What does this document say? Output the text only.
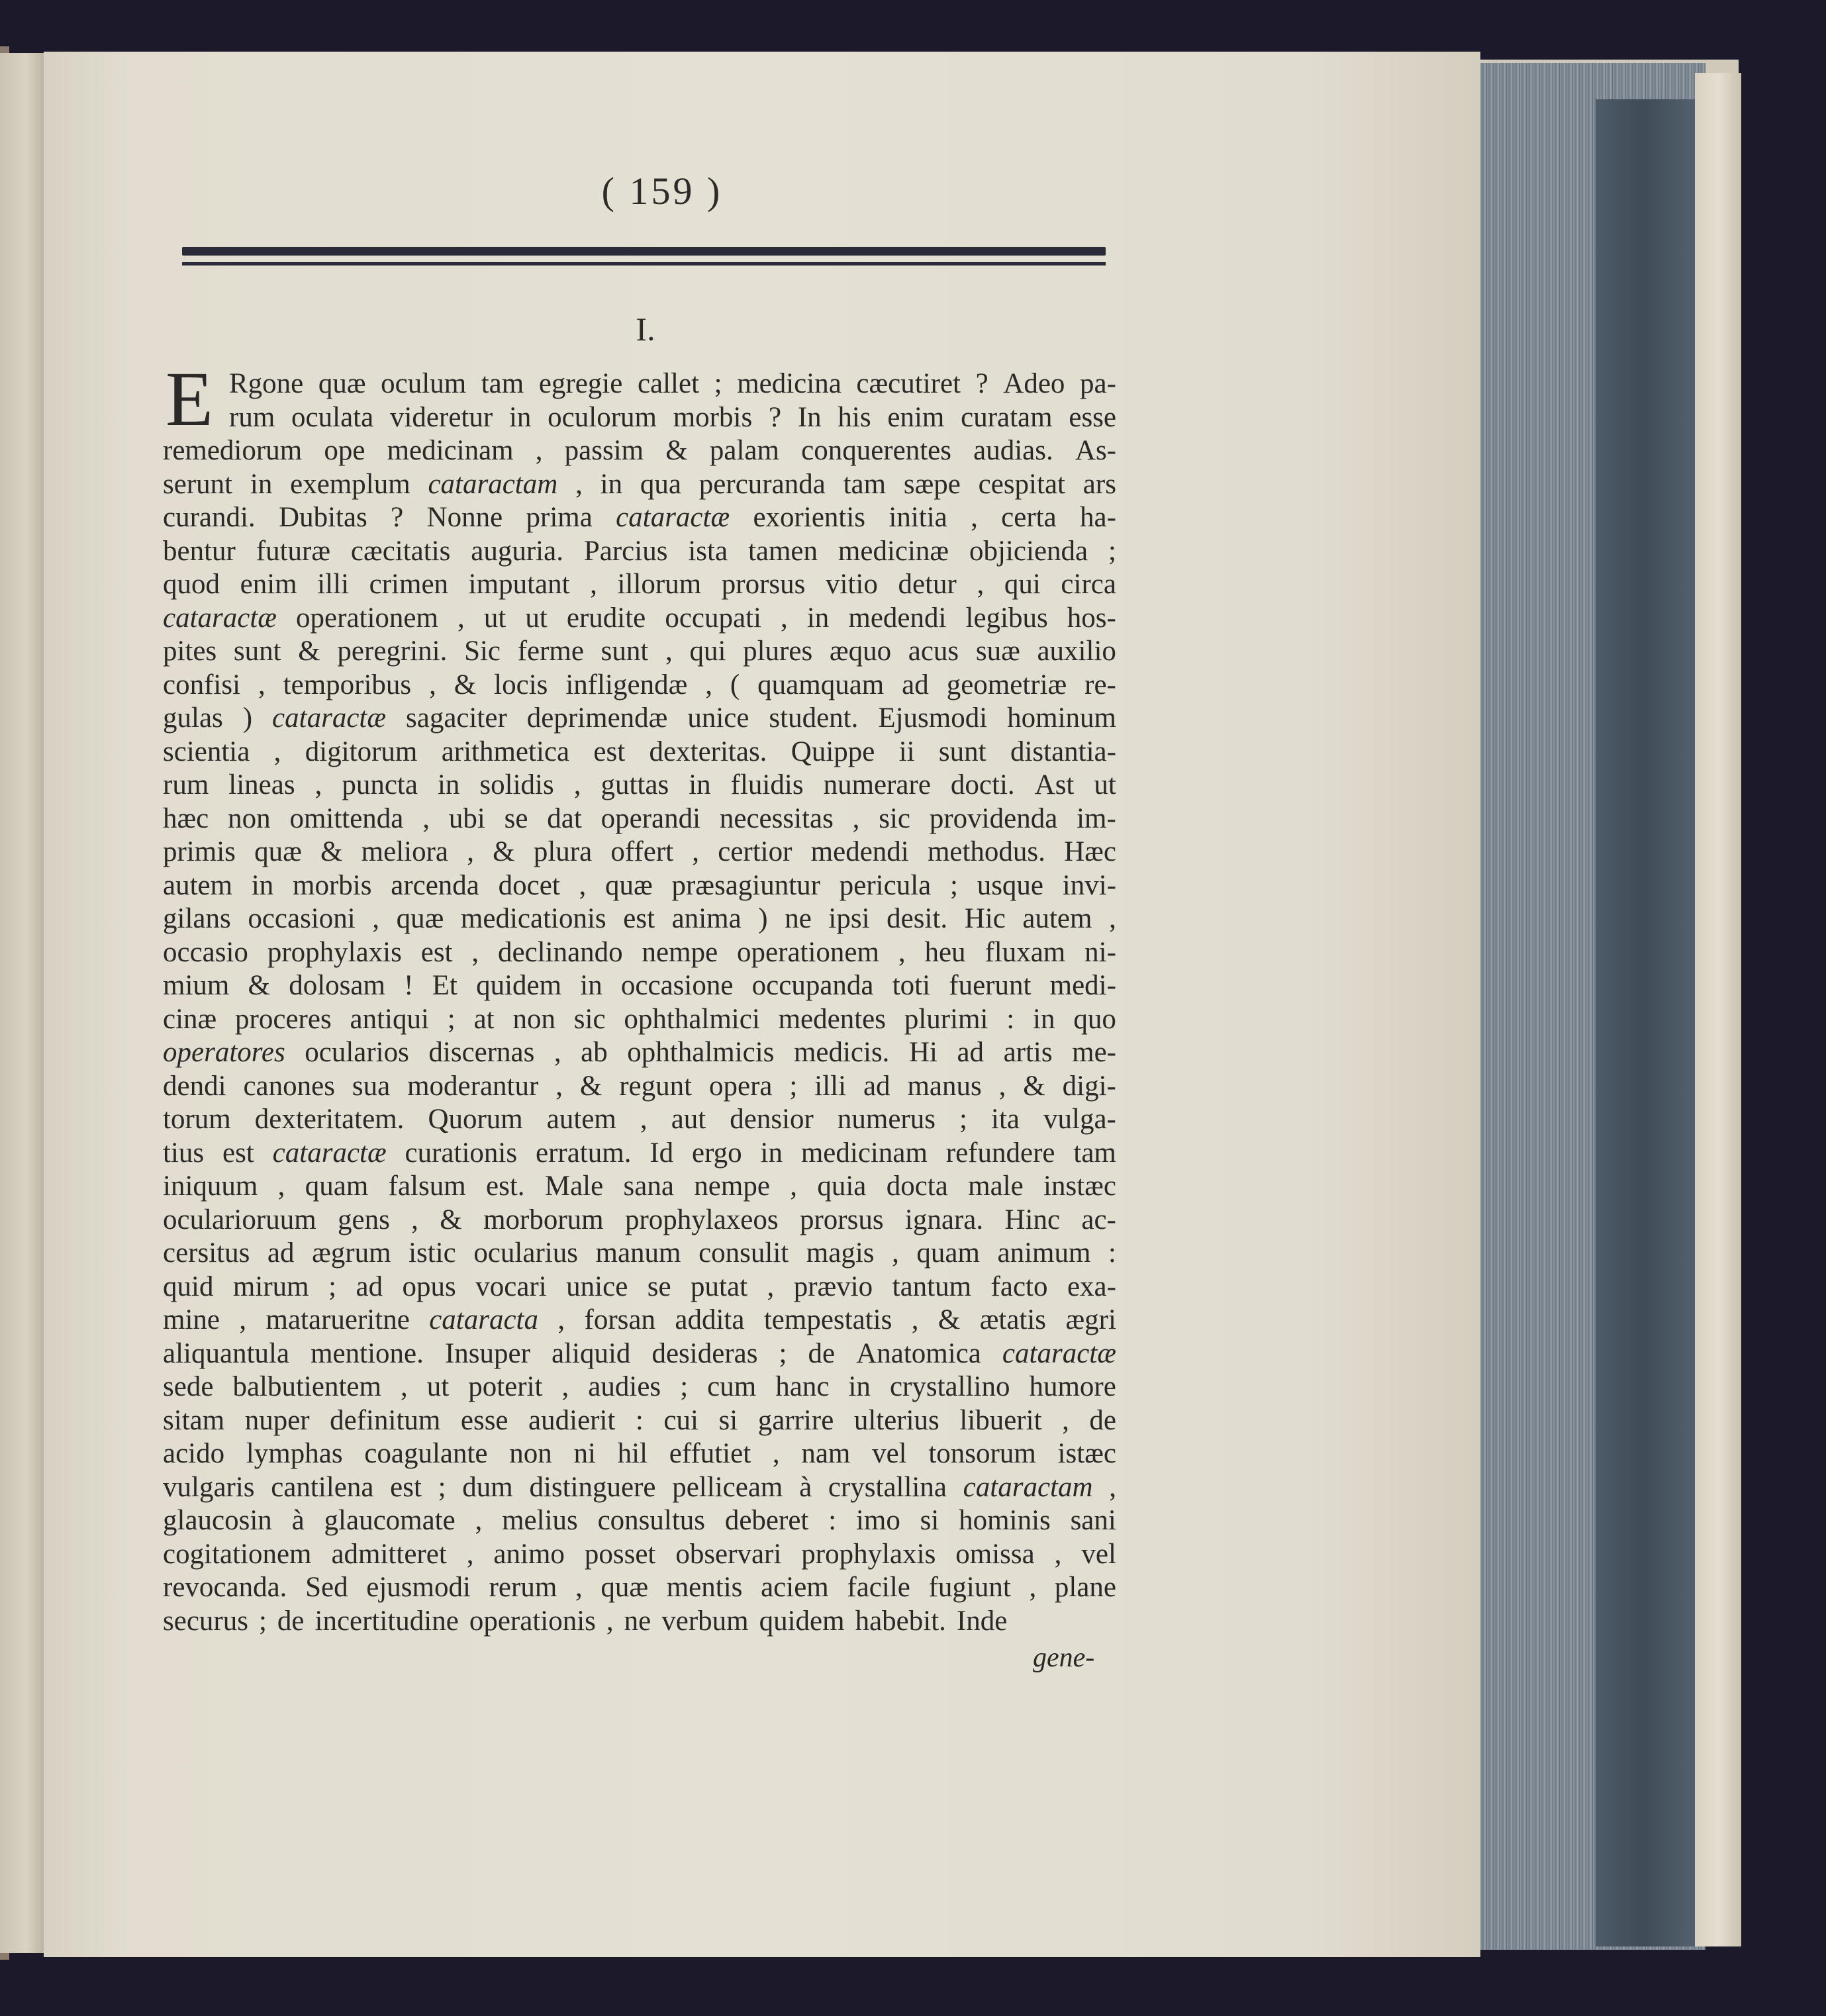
( 159 )
I.
E Rgone quæ oculum tam egregie callet ; medicina cæcutiret ? Adeo pa-
rum oculata videretur in oculorum morbis ? In his enim curatam esse
remediorum ope medicinam , passim & palam conquerentes audias. As-
serunt in exemplum cataractam , in qua percuranda tam sæpe cespitat ars
curandi. Dubitas ? Nonne prima cataractæ exorientis initia , certa ha-
bentur futuræ cæcitatis auguria. Parcius ista tamen medicinæ objicienda ;
quod enim illi crimen imputant , illorum prorsus vitio detur , qui circa
cataractæ operationem , ut ut erudite occupati , in medendi legibus hos-
pites sunt & peregrini. Sic ferme sunt , qui plures æquo acus suæ auxilio
confisi , temporibus , & locis infligendæ , ( quamquam ad geometriæ re-
gulas ) cataractæ sagaciter deprimendæ unice student. Ejusmodi hominum
scientia , digitorum arithmetica est dexteritas. Quippe ii sunt distantia-
rum lineas , puncta in solidis , guttas in fluidis numerare docti. Ast ut
hæc non omittenda , ubi se dat operandi necessitas , sic providenda im-
primis quæ & meliora , & plura offert , certior medendi methodus. Hæc
autem in morbis arcenda docet , quæ præsagiuntur pericula ; usque invi-
gilans occasioni , quæ medicationis est anima ) ne ipsi desit. Hic autem ,
occasio prophylaxis est , declinando nempe operationem , heu fluxam ni-
mium & dolosam ! Et quidem in occasione occupanda toti fuerunt medi-
cinæ proceres antiqui ; at non sic ophthalmici medentes plurimi : in quo
operatores ocularios discernas , ab ophthalmicis medicis. Hi ad artis me-
dendi canones sua moderantur , & regunt opera ; illi ad manus , & digi-
torum dexteritatem. Quorum autem , aut densior numerus ; ita vulga-
tius est cataractæ curationis erratum. Id ergo in medicinam refundere tam
iniquum , quam falsum est. Male sana nempe , quia docta male instæc
ocularioruum gens , & morborum prophylaxeos prorsus ignara. Hinc ac-
cersitus ad ægrum istic ocularius manum consulit magis , quam animum :
quid mirum ; ad opus vocari unice se putat , prævio tantum facto exa-
mine , matarueritne cataracta , forsan addita tempestatis , & ætatis ægri
aliquantula mentione. Insuper aliquid desideras ; de Anatomica cataractæ
sede balbutientem , ut poterit , audies ; cum hanc in crystallino humore
sitam nuper definitum esse audierit : cui si garrire ulterius libuerit , de
acido lymphas coagulante non ni hil effutiet , nam vel tonsorum istæc
vulgaris cantilena est ; dum distinguere pelliceam à crystallina cataractam ,
glaucosin à glaucomate , melius consultus deberet : imo si hominis sani
cogitationem admitteret , animo posset observari prophylaxis omissa , vel
revocanda. Sed ejusmodi rerum , quæ mentis aciem facile fugiunt , plane
securus ; de incertitudine operationis , ne verbum quidem habebit. Inde
gene-
